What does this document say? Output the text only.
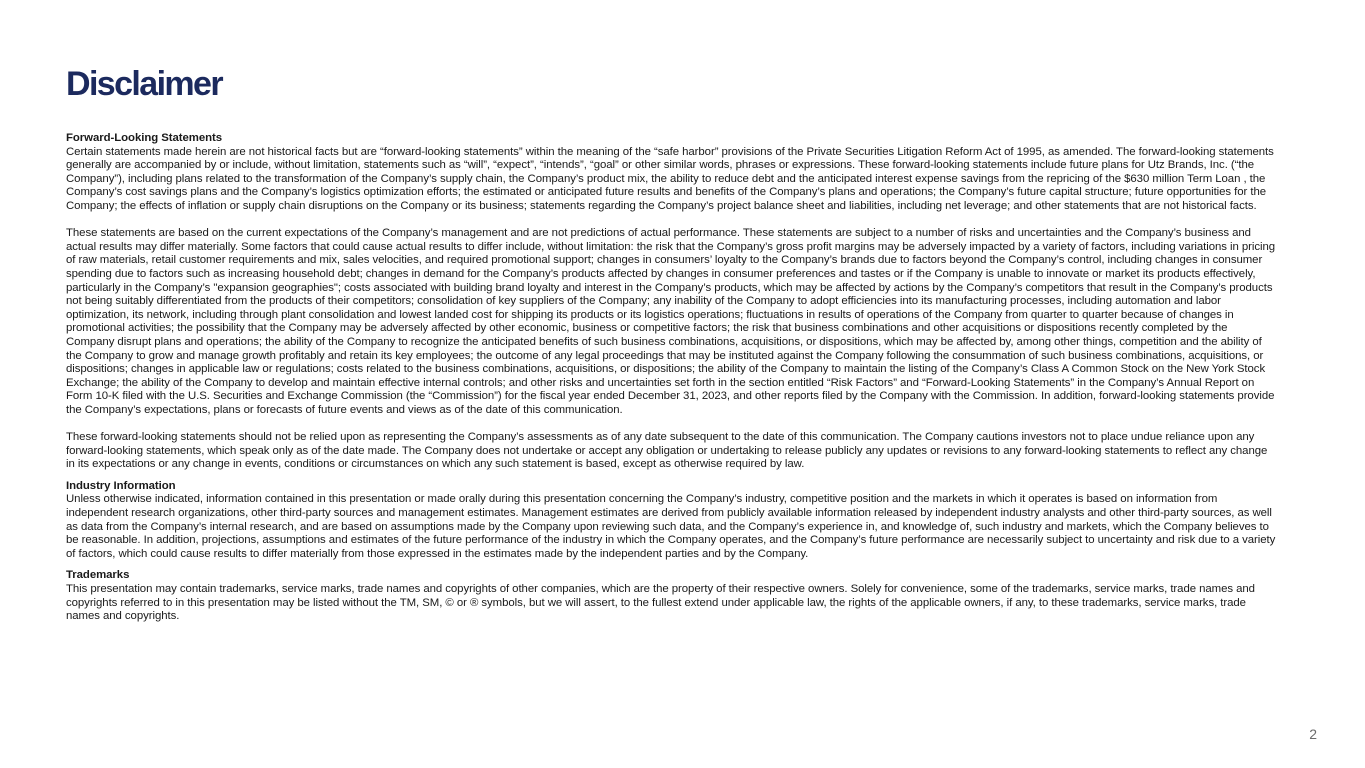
Disclaimer
Forward-Looking Statements
Certain statements made herein are not historical facts but are “forward-looking statements” within the meaning of the “safe harbor” provisions of the Private Securities Litigation Reform Act of 1995, as amended. The forward-looking statements generally are accompanied by or include, without limitation, statements such as “will”, “expect”, “intends”, “goal” or other similar words, phrases or expressions. These forward-looking statements include future plans for Utz Brands, Inc. (“the Company”), including plans related to the transformation of the Company’s supply chain, the Company’s product mix, the ability to reduce debt and the anticipated interest expense savings from the repricing of the $630 million Term Loan , the Company’s cost savings plans and the Company’s logistics optimization efforts; the estimated or anticipated future results and benefits of the Company’s plans and operations; the Company’s future capital structure; future opportunities for the Company; the effects of inflation or supply chain disruptions on the Company or its business; statements regarding the Company’s project balance sheet and liabilities, including net leverage; and other statements that are not historical facts.
These statements are based on the current expectations of the Company’s management and are not predictions of actual performance. These statements are subject to a number of risks and uncertainties and the Company’s business and actual results may differ materially. Some factors that could cause actual results to differ include, without limitation: the risk that the Company’s gross profit margins may be adversely impacted by a variety of factors, including variations in pricing of raw materials, retail customer requirements and mix, sales velocities, and required promotional support; changes in consumers’ loyalty to the Company’s brands due to factors beyond the Company’s control, including changes in consumer spending due to factors such as increasing household debt; changes in demand for the Company’s products affected by changes in consumer preferences and tastes or if the Company is unable to innovate or market its products effectively, particularly in the Company’s "expansion geographies"; costs associated with building brand loyalty and interest in the Company’s products, which may be affected by actions by the Company’s competitors that result in the Company’s products not being suitably differentiated from the products of their competitors; consolidation of key suppliers of the Company; any inability of the Company to adopt efficiencies into its manufacturing processes, including automation and labor optimization, its network, including through plant consolidation and lowest landed cost for shipping its products or its logistics operations; fluctuations in results of operations of the Company from quarter to quarter because of changes in promotional activities; the possibility that the Company may be adversely affected by other economic, business or competitive factors; the risk that business combinations and other acquisitions or dispositions recently completed by the Company disrupt plans and operations; the ability of the Company to recognize the anticipated benefits of such business combinations, acquisitions, or dispositions, which may be affected by, among other things, competition and the ability of the Company to grow and manage growth profitably and retain its key employees; the outcome of any legal proceedings that may be instituted against the Company following the consummation of such business combinations, acquisitions, or dispositions; changes in applicable law or regulations; costs related to the business combinations, acquisitions, or dispositions; the ability of the Company to maintain the listing of the Company’s Class A Common Stock on the New York Stock Exchange; the ability of the Company to develop and maintain effective internal controls; and other risks and uncertainties set forth in the section entitled “Risk Factors” and “Forward-Looking Statements” in the Company’s Annual Report on Form 10-K filed with the U.S. Securities and Exchange Commission (the “Commission”) for the fiscal year ended December 31, 2023, and other reports filed by the Company with the Commission. In addition, forward-looking statements provide the Company’s expectations, plans or forecasts of future events and views as of the date of this communication.
These forward-looking statements should not be relied upon as representing the Company’s assessments as of any date subsequent to the date of this communication. The Company cautions investors not to place undue reliance upon any forward-looking statements, which speak only as of the date made. The Company does not undertake or accept any obligation or undertaking to release publicly any updates or revisions to any forward-looking statements to reflect any change in its expectations or any change in events, conditions or circumstances on which any such statement is based, except as otherwise required by law.
Industry Information
Unless otherwise indicated, information contained in this presentation or made orally during this presentation concerning the Company’s industry, competitive position and the markets in which it operates is based on information from independent research organizations, other third-party sources and management estimates. Management estimates are derived from publicly available information released by independent industry analysts and other third-party sources, as well as data from the Company’s internal research, and are based on assumptions made by the Company upon reviewing such data, and the Company’s experience in, and knowledge of, such industry and markets, which the Company believes to be reasonable. In addition, projections, assumptions and estimates of the future performance of the industry in which the Company operates, and the Company’s future performance are necessarily subject to uncertainty and risk due to a variety of factors, which could cause results to differ materially from those expressed in the estimates made by the independent parties and by the Company.
Trademarks
This presentation may contain trademarks, service marks, trade names and copyrights of other companies, which are the property of their respective owners. Solely for convenience, some of the trademarks, service marks, trade names and copyrights referred to in this presentation may be listed without the TM, SM, © or ® symbols, but we will assert, to the fullest extend under applicable law, the rights of the applicable owners, if any, to these trademarks, service marks, trade names and copyrights.
2
